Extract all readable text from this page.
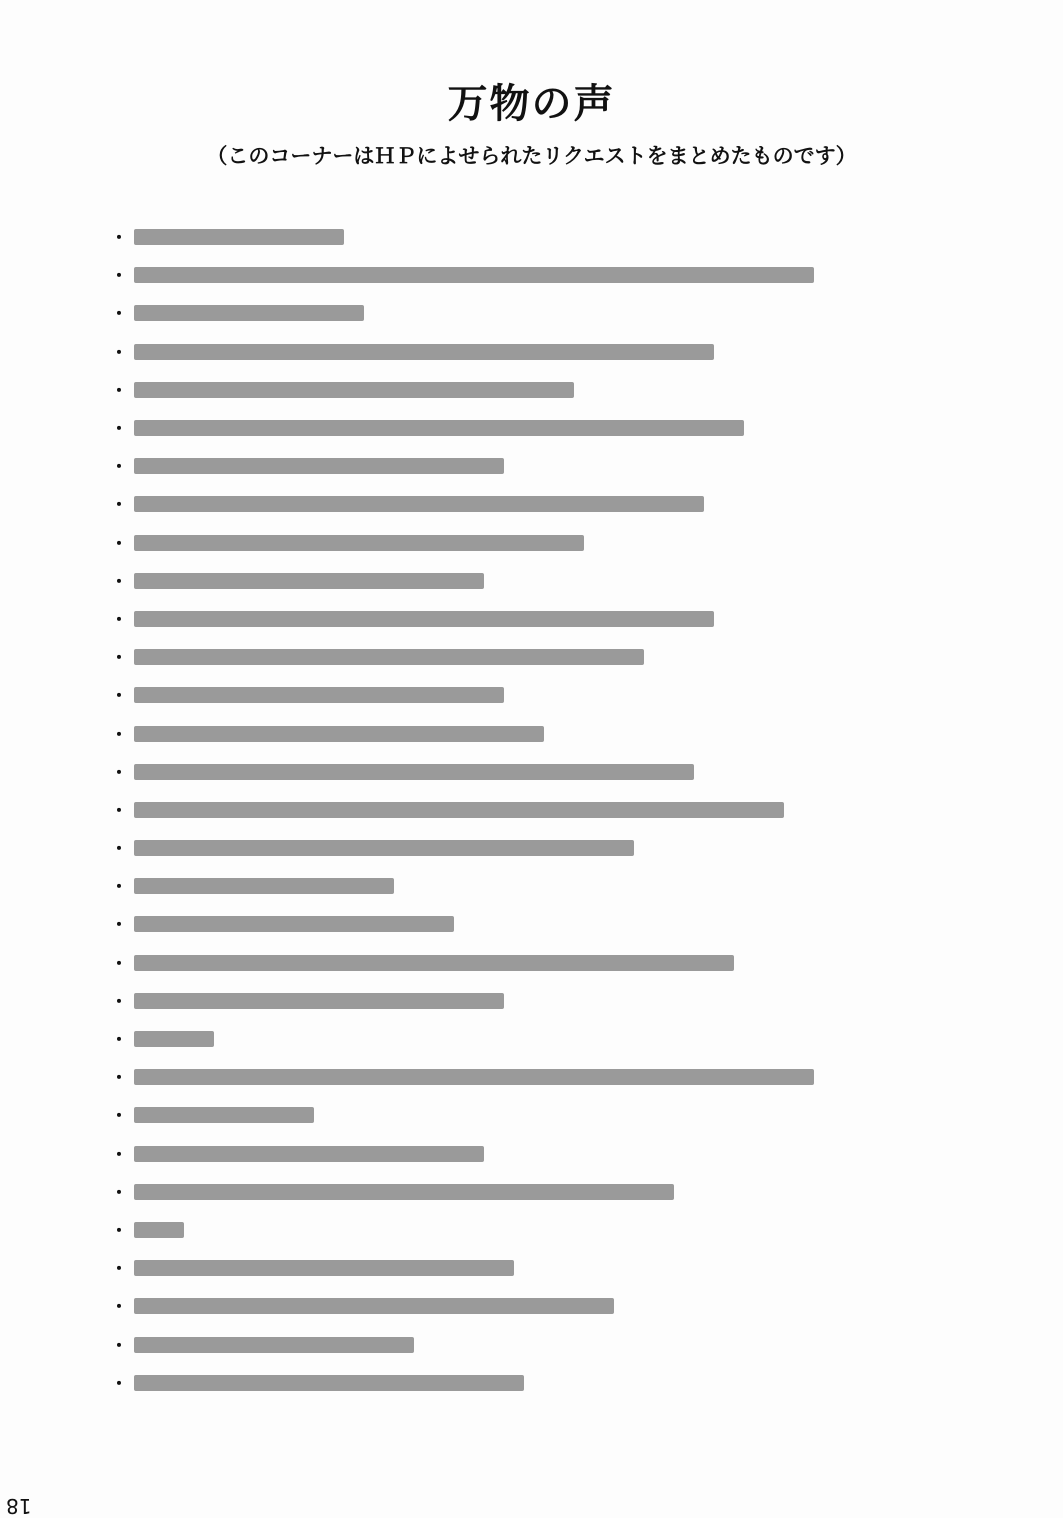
万物の声
（このコーナーはＨＰによせられたリクエストをまとめたものです）
・
・
・
・
・
・
・
・
・
・
・
・
・
・
・
・
・
・
・
・
・
・
・
・
・
・
・
・
・
・
・
18
